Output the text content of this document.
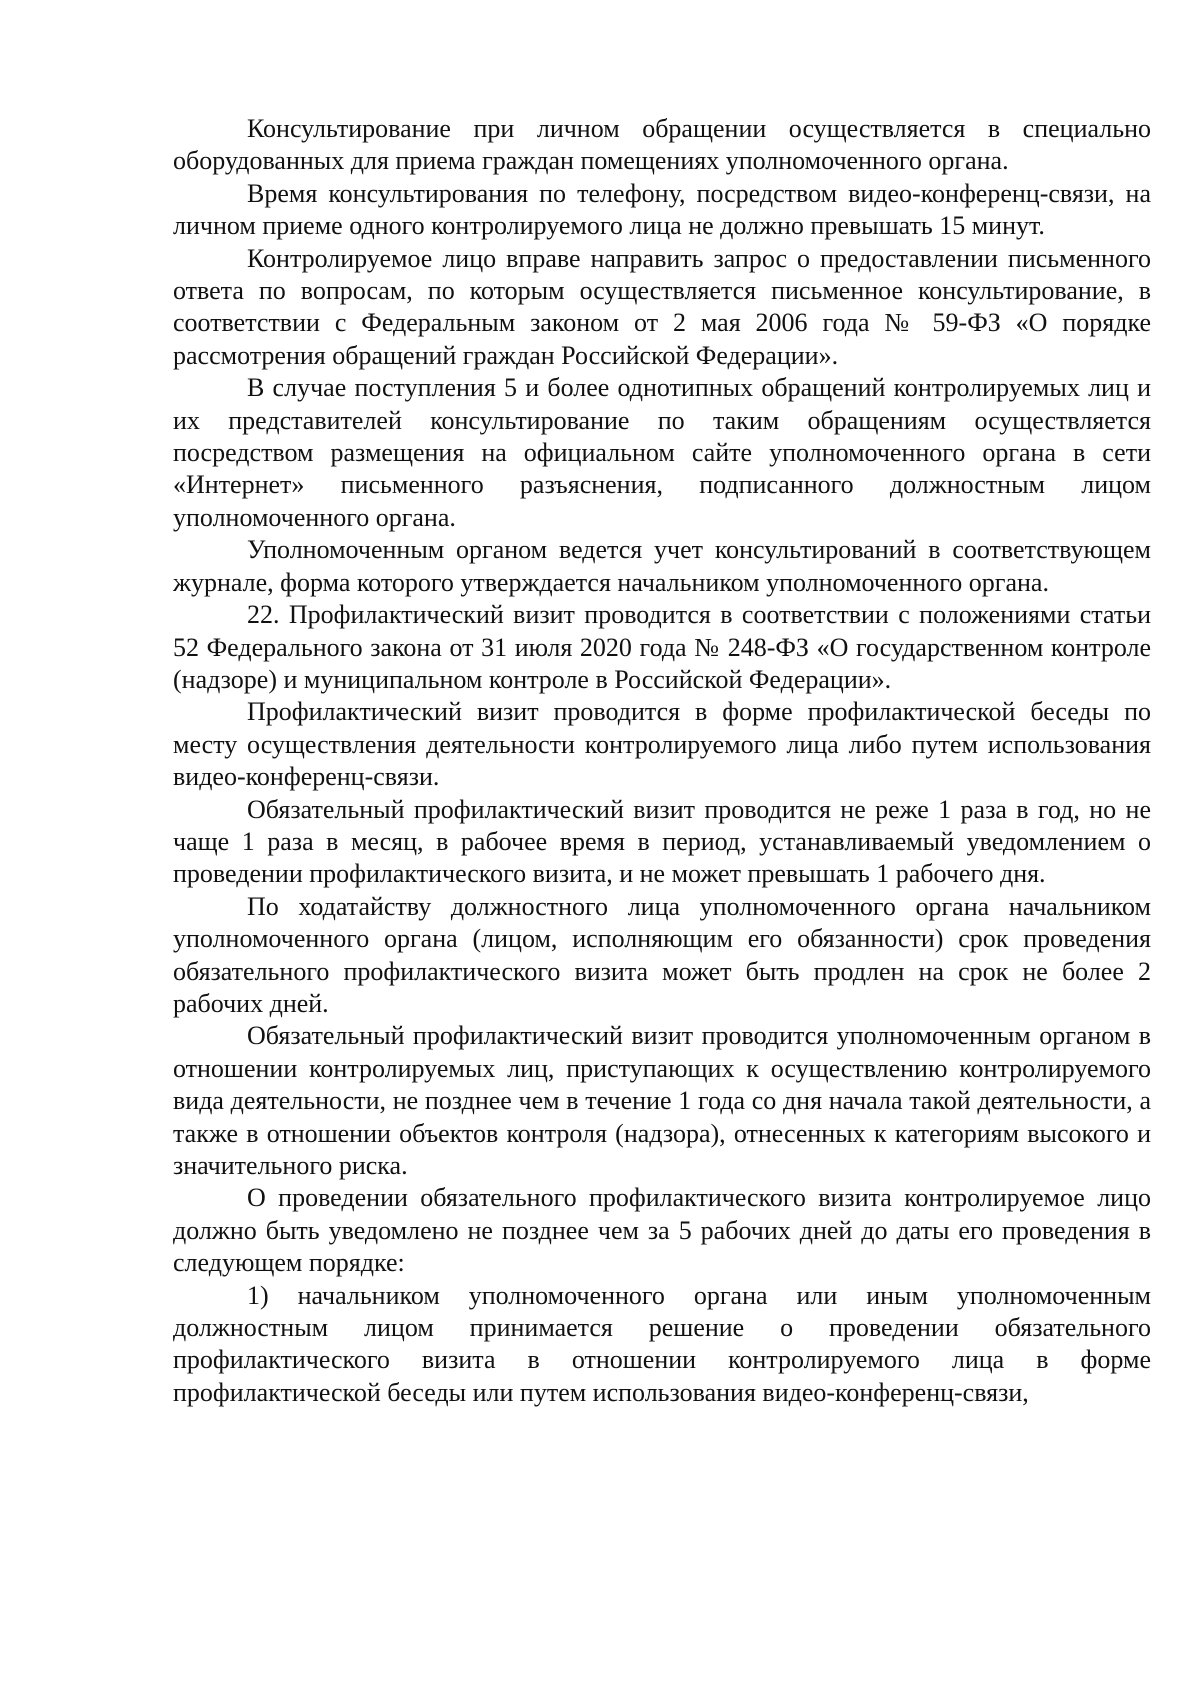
Консультирование при личном обращении осуществляется в специально оборудованных для приема граждан помещениях уполномоченного органа.

Время консультирования по телефону, посредством видео-конференц-связи, на личном приеме одного контролируемого лица не должно превышать 15 минут.

Контролируемое лицо вправе направить запрос о предоставлении письменного ответа по вопросам, по которым осуществляется письменное консультирование, в соответствии с Федеральным законом от 2 мая 2006 года № 59-ФЗ «О порядке рассмотрения обращений граждан Российской Федерации».

В случае поступления 5 и более однотипных обращений контролируемых лиц и их представителей консультирование по таким обращениям осуществляется посредством размещения на официальном сайте уполномоченного органа в сети «Интернет» письменного разъяснения, подписанного должностным лицом уполномоченного органа.

Уполномоченным органом ведется учет консультирований в соответствующем журнале, форма которого утверждается начальником уполномоченного органа.

22. Профилактический визит проводится в соответствии с положениями статьи 52 Федерального закона от 31 июля 2020 года № 248-ФЗ «О государственном контроле (надзоре) и муниципальном контроле в Российской Федерации».

Профилактический визит проводится в форме профилактической беседы по месту осуществления деятельности контролируемого лица либо путем использования видео-конференц-связи.

Обязательный профилактический визит проводится не реже 1 раза в год, но не чаще 1 раза в месяц, в рабочее время в период, устанавливаемый уведомлением о проведении профилактического визита, и не может превышать 1 рабочего дня.

По ходатайству должностного лица уполномоченного органа начальником уполномоченного органа (лицом, исполняющим его обязанности) срок проведения обязательного профилактического визита может быть продлен на срок не более 2 рабочих дней.

Обязательный профилактический визит проводится уполномоченным органом в отношении контролируемых лиц, приступающих к осуществлению контролируемого вида деятельности, не позднее чем в течение 1 года со дня начала такой деятельности, а также в отношении объектов контроля (надзора), отнесенных к категориям высокого и значительного риска.

О проведении обязательного профилактического визита контролируемое лицо должно быть уведомлено не позднее чем за 5 рабочих дней до даты его проведения в следующем порядке:

1) начальником уполномоченного органа или иным уполномоченным должностным лицом принимается решение о проведении обязательного профилактического визита в отношении контролируемого лица в форме профилактической беседы или путем использования видео-конференц-связи,
